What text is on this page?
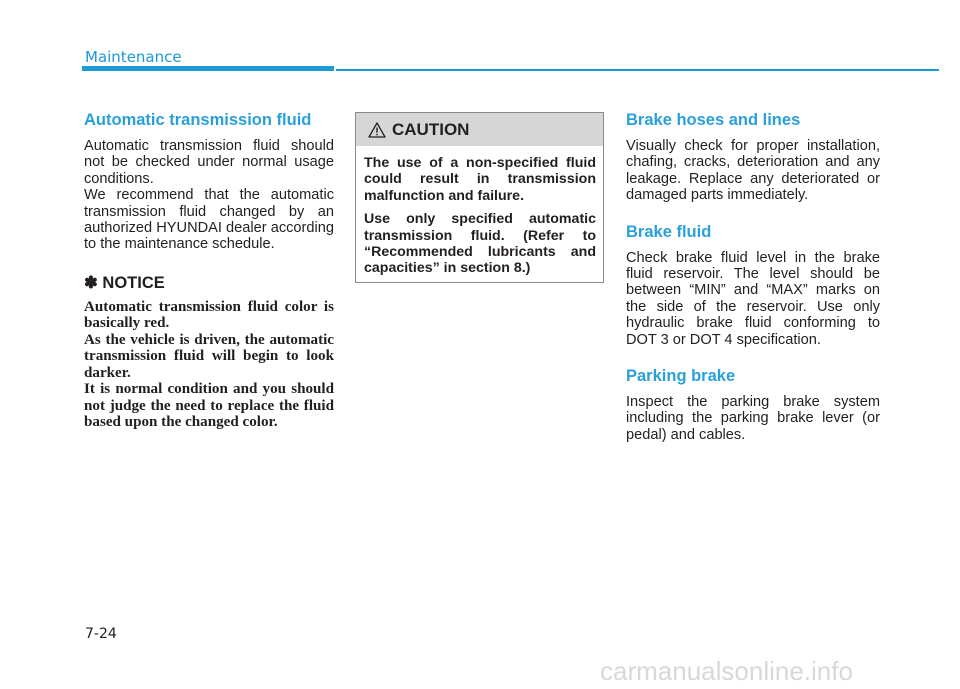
Maintenance
Automatic transmission fluid

Automatic transmission fluid should not be checked under normal usage conditions.

We recommend that the automatic transmission fluid changed by an authorized HYUNDAI dealer according to the maintenance schedule.

✽ NOTICE

Automatic transmission fluid color is basically red.

As the vehicle is driven, the automatic transmission fluid will begin to look darker.

It is normal condition and you should not judge the need to replace the fluid based upon the changed color.

CAUTION

The use of a non-specified fluid could result in transmission malfunction and failure.

Use only specified automatic transmission fluid. (Refer to “Recommended lubricants and capacities” in section 8.)

Brake hoses and lines

Visually check for proper installation, chafing, cracks, deterioration and any leakage. Replace any deteriorated or damaged parts immediately.

Brake fluid

Check brake fluid level in the brake fluid reservoir. The level should be between “MIN” and “MAX” marks on the side of the reservoir. Use only hydraulic brake fluid conforming to DOT 3 or DOT 4 specification.

Parking brake

Inspect the parking brake system including the parking brake lever (or pedal) and cables.

7-24
carmanualsonline.info
